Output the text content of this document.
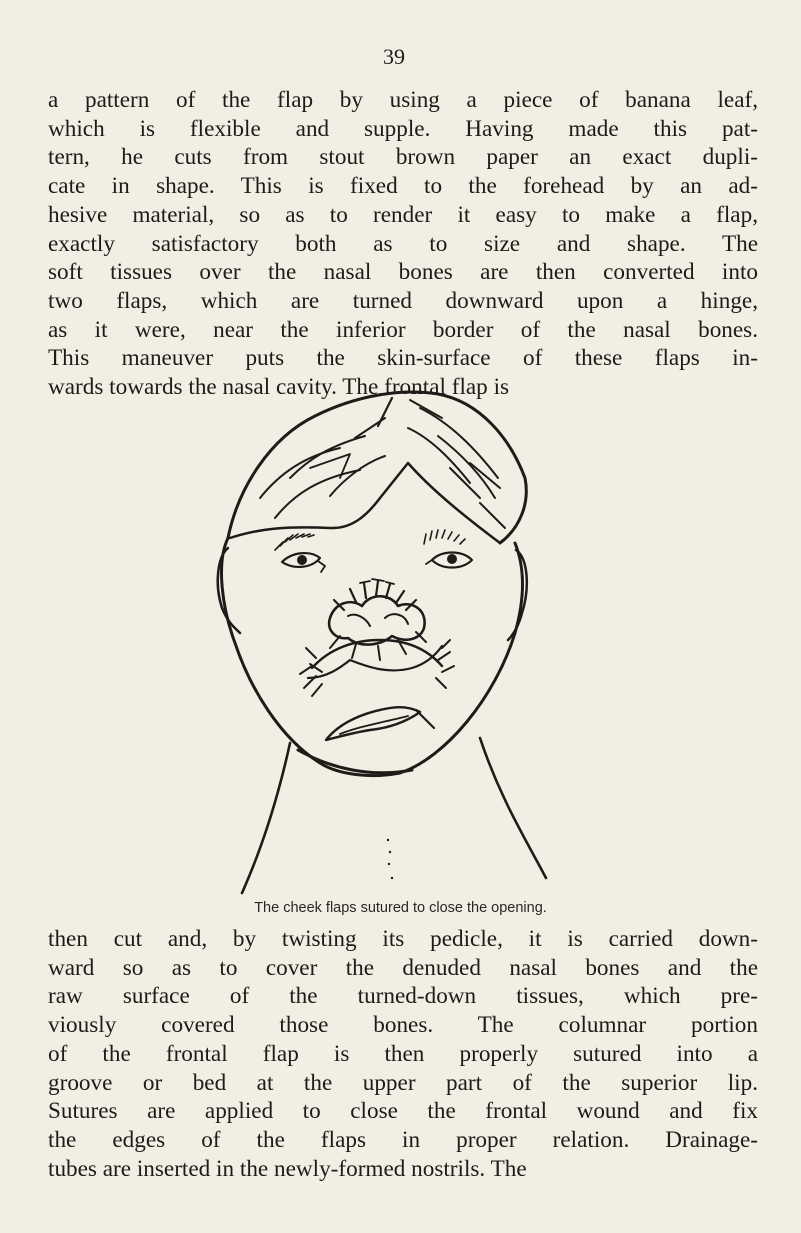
39
a pattern of the flap by using a piece of banana leaf,
which is flexible and supple. Having made this pat-
tern, he cuts from stout brown paper an exact dupli-
cate in shape. This is fixed to the forehead by an ad-
hesive material, so as to render it easy to make a flap,
exactly satisfactory both as to size and shape. The
soft tissues over the nasal bones are then converted into
two flaps, which are turned downward upon a hinge,
as it were, near the inferior border of the nasal bones.
This maneuver puts the skin-surface of these flaps in-
wards towards the nasal cavity. The frontal flap is
The cheek flaps sutured to close the opening.
then cut and, by twisting its pedicle, it is carried down-
ward so as to cover the denuded nasal bones and the
raw surface of the turned-down tissues, which pre-
viously covered those bones. The columnar portion
of the frontal flap is then properly sutured into a
groove or bed at the upper part of the superior lip.
Sutures are applied to close the frontal wound and fix
the edges of the flaps in proper relation. Drainage-
tubes are inserted in the newly-formed nostrils. The
